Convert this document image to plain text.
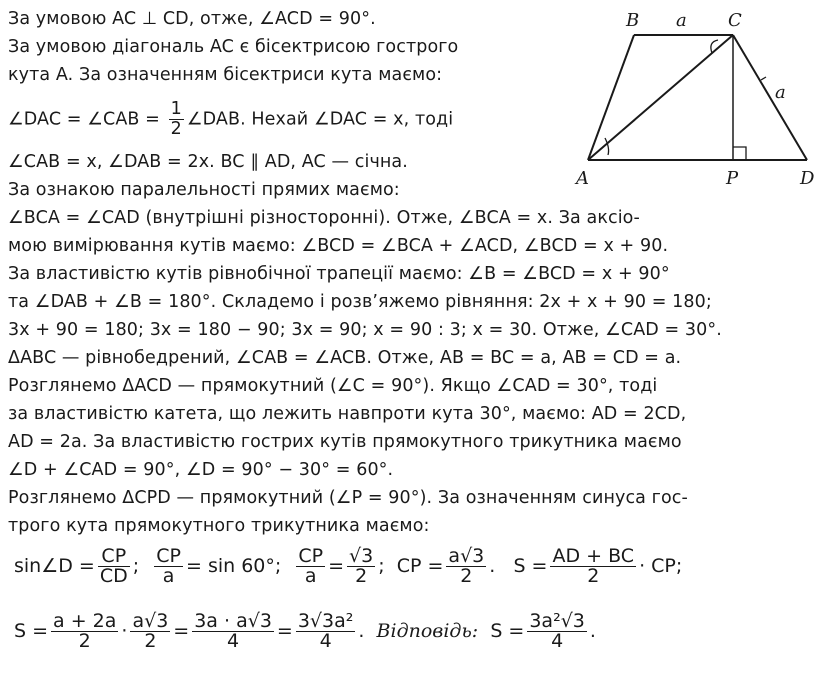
За умовою AC ⊥ CD, отже, ∠ACD = 90°.
За умовою діагональ AC є бісектрисою гострого
кута A. За означенням бісектриси кута маємо:
∠DAC = ∠CAB = $\frac{1}{2}$ ∠DAB. Нехай ∠DAC = x, тоді
∠CAB = x, ∠DAB = 2x. BC ∥ AD, AC — січна.
За ознакою паралельності прямих маємо:
∠BCA = ∠CAD (внутрішні різносторонні). Отже, ∠BCA = x. За аксіо-
мою вимірювання кутів маємо: ∠BCD = ∠BCA + ∠ACD, ∠BCD = x + 90.
За властивістю кутів рівнобічної трапеції маємо: ∠B = ∠BCD = x + 90°
та ∠DAB + ∠B = 180°. Складемо і розв’яжемо рівняння: 2x + x + 90 = 180;
3x + 90 = 180; 3x = 180 − 90; 3x = 90; x = 90 : 3; x = 30. Отже, ∠CAD = 30°.
ΔABC — рівнобедрений, ∠CAB = ∠ACB. Отже, AB = BC = a, AB = CD = a.
Розглянемо ΔACD — прямокутний (∠C = 90°). Якщо ∠CAD = 30°, тоді
за властивістю катета, що лежить навпроти кута 30°, маємо: AD = 2CD,
AD = 2a. За властивістю гострих кутів прямокутного трикутника маємо
∠D + ∠CAD = 90°, ∠D = 90° − 30° = 60°.
Розглянемо ΔCPD — прямокутний (∠P = 90°). За означенням синуса гос-
трого кута прямокутного трикутника маємо:
sin∠D = $\frac{CP}{CD}$ ; $\frac{CP}{a} = \sin 60^\circ$; $\frac{CP}{a} = \frac{√3}{2}$ ; CP = $\frac{a√3}{2}$ . $S = \frac{AD + BC}{2}$ · CP;
$S = \frac{a + 2a}{2} \cdot \frac{a√3}{2} = \frac{3a \cdot a√3}{4} = \frac{\text{3√3a²}}{4}$ . Відповідь: $S = \frac{\text{3a²√3}}{4}$ .
B	C
a
a
A	P	D
